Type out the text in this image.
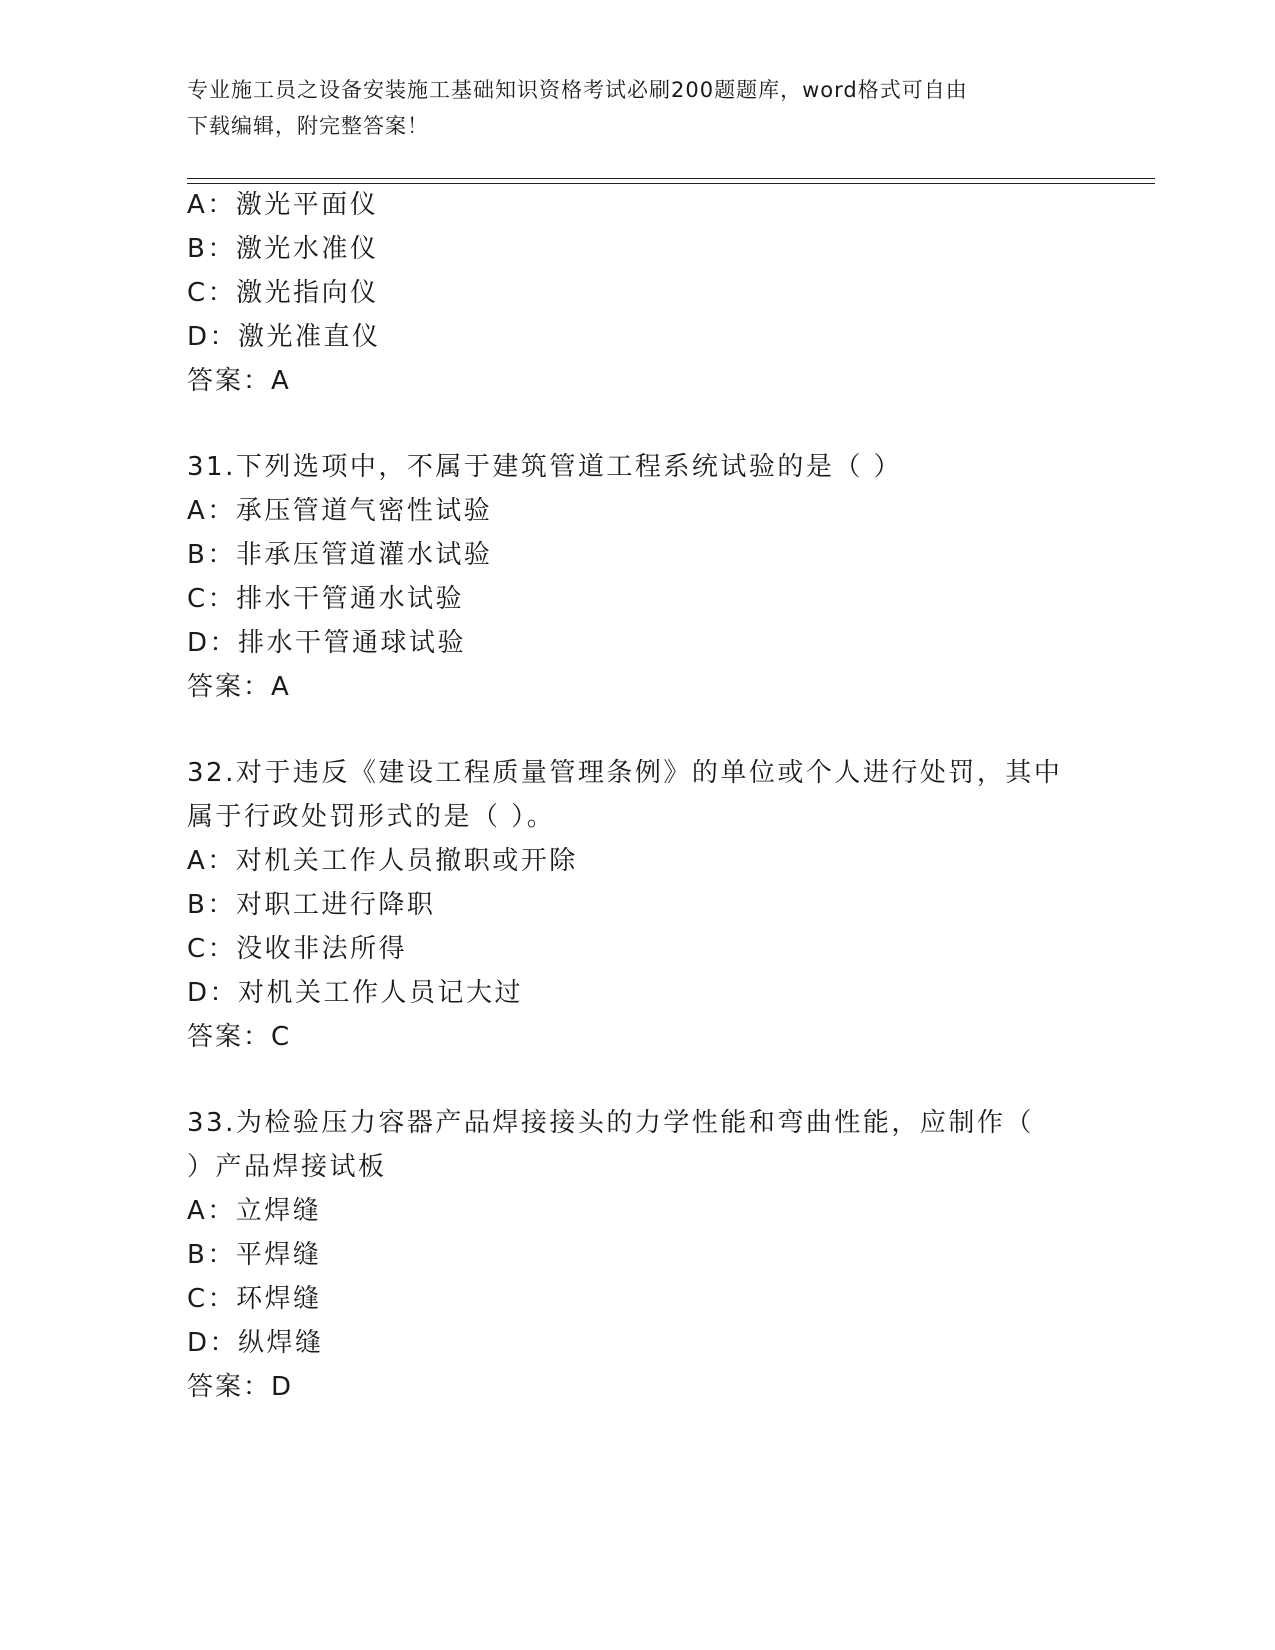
专业施工员之设备安装施工基础知识资格考试必刷200题题库，word格式可自由
下载编辑，附完整答案！
A：激光平面仪
B：激光水准仪
C：激光指向仪
D：激光准直仪
答案：A
31.下列选项中，不属于建筑管道工程系统试验的是（ ）
A：承压管道气密性试验
B：非承压管道灌水试验
C：排水干管通水试验
D：排水干管通球试验
答案：A
32.对于违反《建设工程质量管理条例》的单位或个人进行处罚，其中
属于行政处罚形式的是（ ）。
A：对机关工作人员撤职或开除
B：对职工进行降职
C：没收非法所得
D：对机关工作人员记大过
答案：C
33.为检验压力容器产品焊接接头的力学性能和弯曲性能，应制作（
）产品焊接试板
A：立焊缝
B：平焊缝
C：环焊缝
D：纵焊缝
答案：D
